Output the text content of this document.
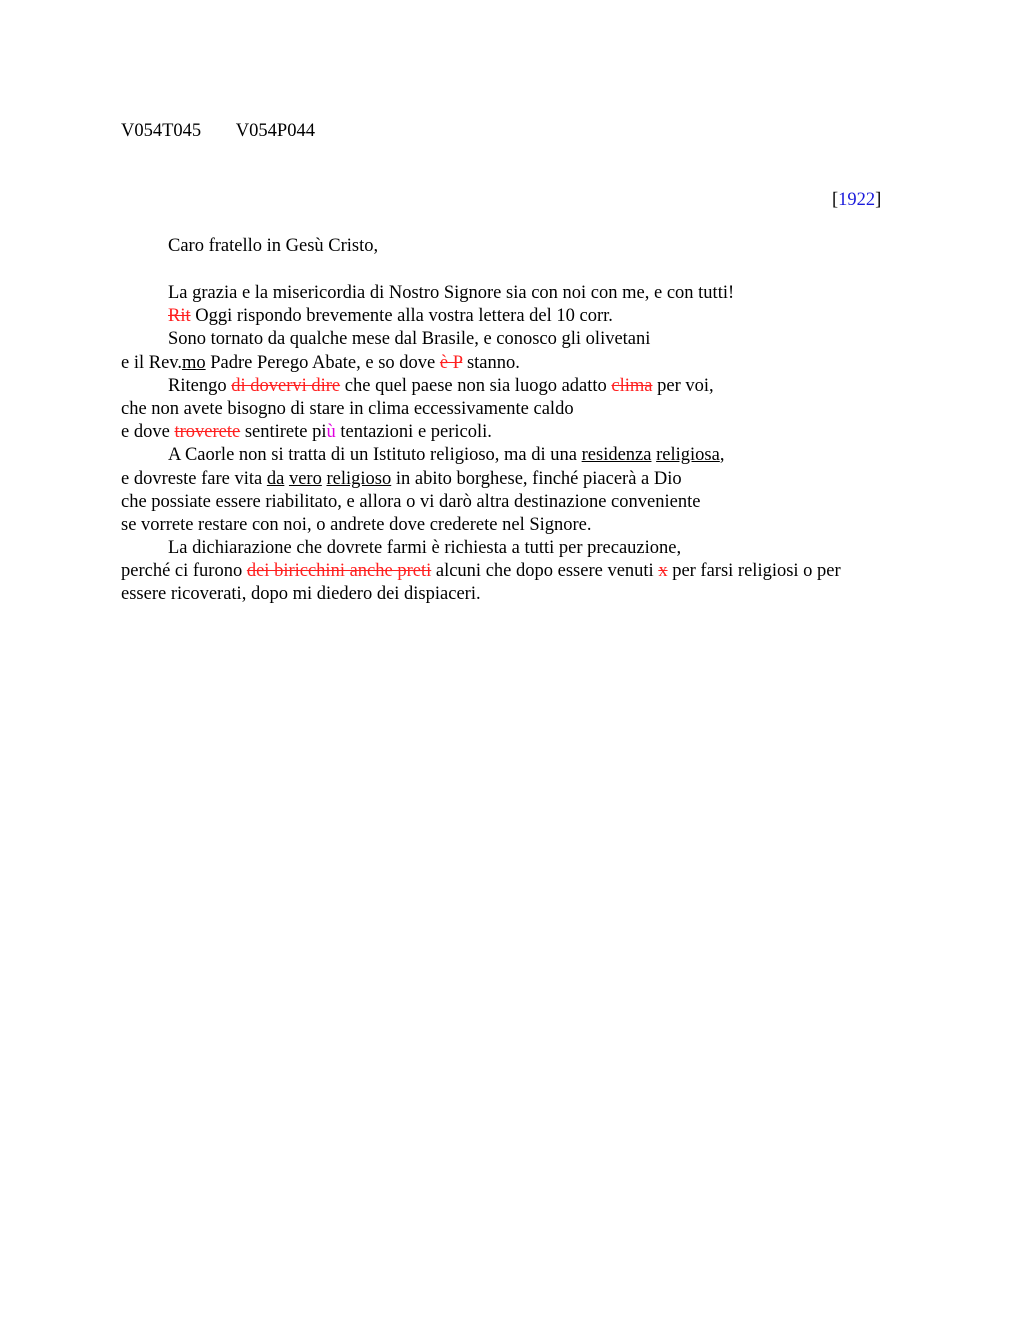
V054T045 V054P044
[1922]
Caro fratello in Gesù Cristo,
La grazia e la misericordia di Nostro Signore sia con noi con me, e con tutti!
Rit Oggi rispondo brevemente alla vostra lettera del 10 corr.
Sono tornato da qualche mese dal Brasile, e conosco gli olivetani
e il Rev.mo Padre Perego Abate, e so dove è P stanno.
Ritengo di dovervi dire che quel paese non sia luogo adatto clima per voi,
che non avete bisogno di stare in clima eccessivamente caldo
e dove troverete sentirete più tentazioni e pericoli.
A Caorle non si tratta di un Istituto religioso, ma di una residenza religiosa,
e dovreste fare vita da vero religioso in abito borghese, finché piacerà a Dio
che possiate essere riabilitato, e allora o vi darò altra destinazione conveniente
se vorrete restare con noi, o andrete dove crederete nel Signore.
La dichiarazione che dovrete farmi è richiesta a tutti per precauzione,
perché ci furono dei biricchini anche preti alcuni che dopo essere venuti x per farsi religiosi o per
essere ricoverati, dopo mi diedero dei dispiaceri.
